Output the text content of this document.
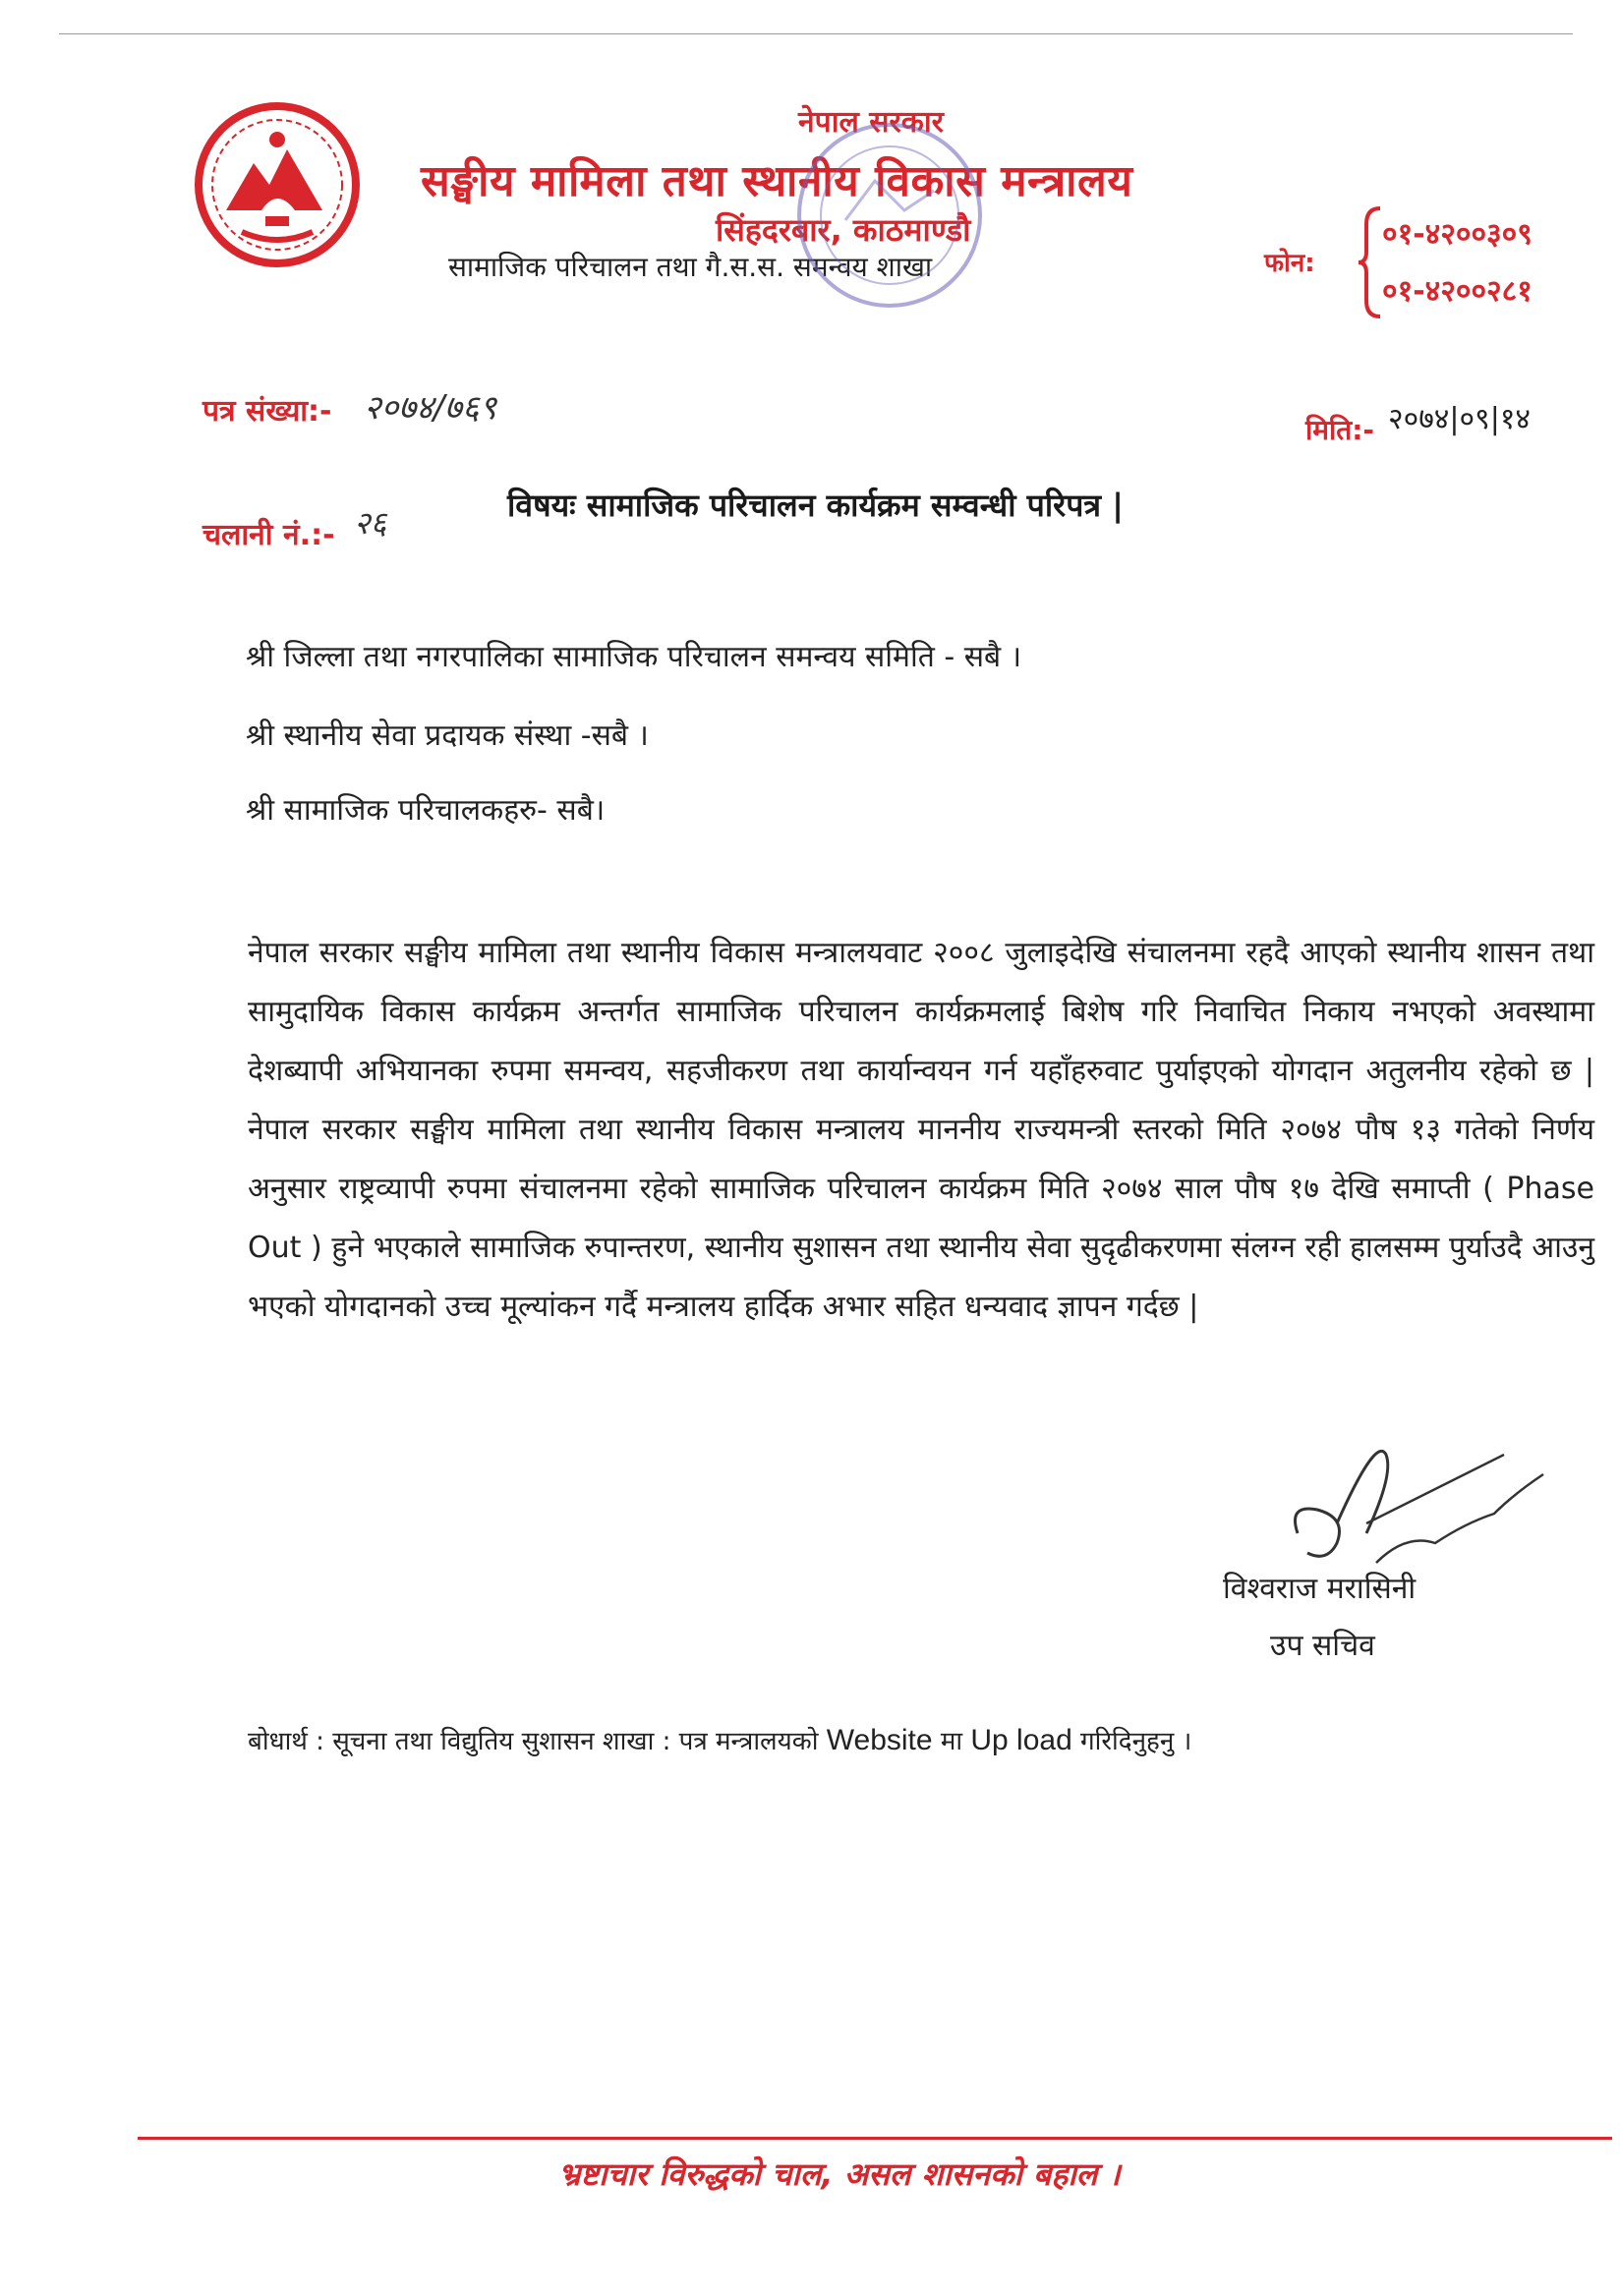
नेपाल सरकार
सङ्घीय मामिला तथा स्थानीय विकास मन्त्रालय
सिंहदरबार, काठमाण्डौ
सामाजिक परिचालन तथा गै.स.स. समन्वय शाखा	फोन:
०१-४२००३०९
०१-४२००२८१
पत्र संख्या:- २०७४/७६९
मिति:- २०७४|०९|१४
विषयः सामाजिक परिचालन कार्यक्रम सम्वन्धी परिपत्र |
चलानी नं.:- २६
श्री जिल्ला तथा नगरपालिका सामाजिक परिचालन समन्वय समिति - सबै ।
श्री स्थानीय सेवा प्रदायक संस्था -सबै ।
श्री सामाजिक परिचालकहरु- सबै।
नेपाल सरकार सङ्घीय मामिला तथा स्थानीय विकास मन्त्रालयवाट २००८ जुलाइदेखि संचालनमा रहदै आएको स्थानीय शासन तथा सामुदायिक विकास कार्यक्रम अन्तर्गत सामाजिक परिचालन कार्यक्रमलाई बिशेष गरि निवाचित निकाय नभएको अवस्थामा देशब्यापी अभियानका रुपमा समन्वय, सहजीकरण तथा कार्यान्वयन गर्न यहाँहरुवाट पुर्याइएको योगदान अतुलनीय रहेको छ | नेपाल सरकार सङ्घीय मामिला तथा स्थानीय विकास मन्त्रालय माननीय राज्यमन्त्री स्तरको मिति २०७४ पौष १३ गतेको निर्णय अनुसार राष्ट्रव्यापी रुपमा संचालनमा रहेको सामाजिक परिचालन कार्यक्रम मिति २०७४ साल पौष १७ देखि समाप्ती ( Phase Out ) हुने भएकाले सामाजिक रुपान्तरण, स्थानीय सुशासन तथा स्थानीय सेवा सुदृढीकरणमा संलग्न रही हालसम्म पुर्याउदै आउनु भएको योगदानको उच्च मूल्यांकन गर्दै मन्त्रालय हार्दिक अभार सहित धन्यवाद ज्ञापन गर्दछ |
विश्वराज मरासिनी
उप सचिव
बोधार्थ : सूचना तथा विद्युतिय सुशासन शाखा : पत्र मन्त्रालयको Website मा Up load गरिदिनुहनु ।
भ्रष्टाचार विरुद्धको चाल, असल शासनको बहाल ।
